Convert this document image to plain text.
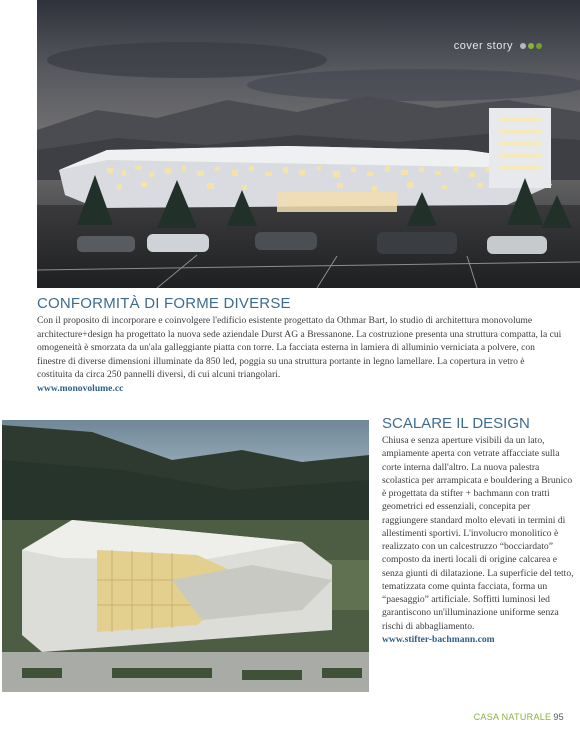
cover story
CONFORMITÀ DI FORME DIVERSE

Con il proposito di incorporare e coinvolgere l'edificio esistente progettato da Othmar Bart, lo studio di architettura monovolume architecture+design ha progettato la nuova sede aziendale Durst AG a Bressanone. La costruzione presenta una struttura compatta, la cui omogeneità è smorzata da un'ala galleggiante piatta con torre. La facciata esterna in lamiera di alluminio verniciata a polvere, con finestre di diverse dimensioni illuminate da 850 led, poggia su una struttura portante in legno lamellare. La copertura in vetro è costituita da circa 250 pannelli diversi, di cui alcuni triangolari.
www.monovolume.cc

SCALARE IL DESIGN

Chiusa e senza aperture visibili da un lato, ampiamente aperta con vetrate affacciate sulla corte interna dall'altro. La nuova palestra scolastica per arrampicata e bouldering a Brunico è progettata da stifter + bachmann con tratti geometrici ed essenziali, concepita per raggiungere standard molto elevati in termini di allestimenti sportivi. L'involucro monolitico è realizzato con un calcestruzzo “bocciardato” composto da inerti locali di origine calcarea e senza giunti di dilatazione. La superficie del tetto, tematizzata come quinta facciata, forma un “paesaggio” artificiale. Soffitti luminosi led garantiscono un'illuminazione uniforme senza rischi di abbagliamento.
www.stifter-bachmann.com

CASA NATURALE 95
